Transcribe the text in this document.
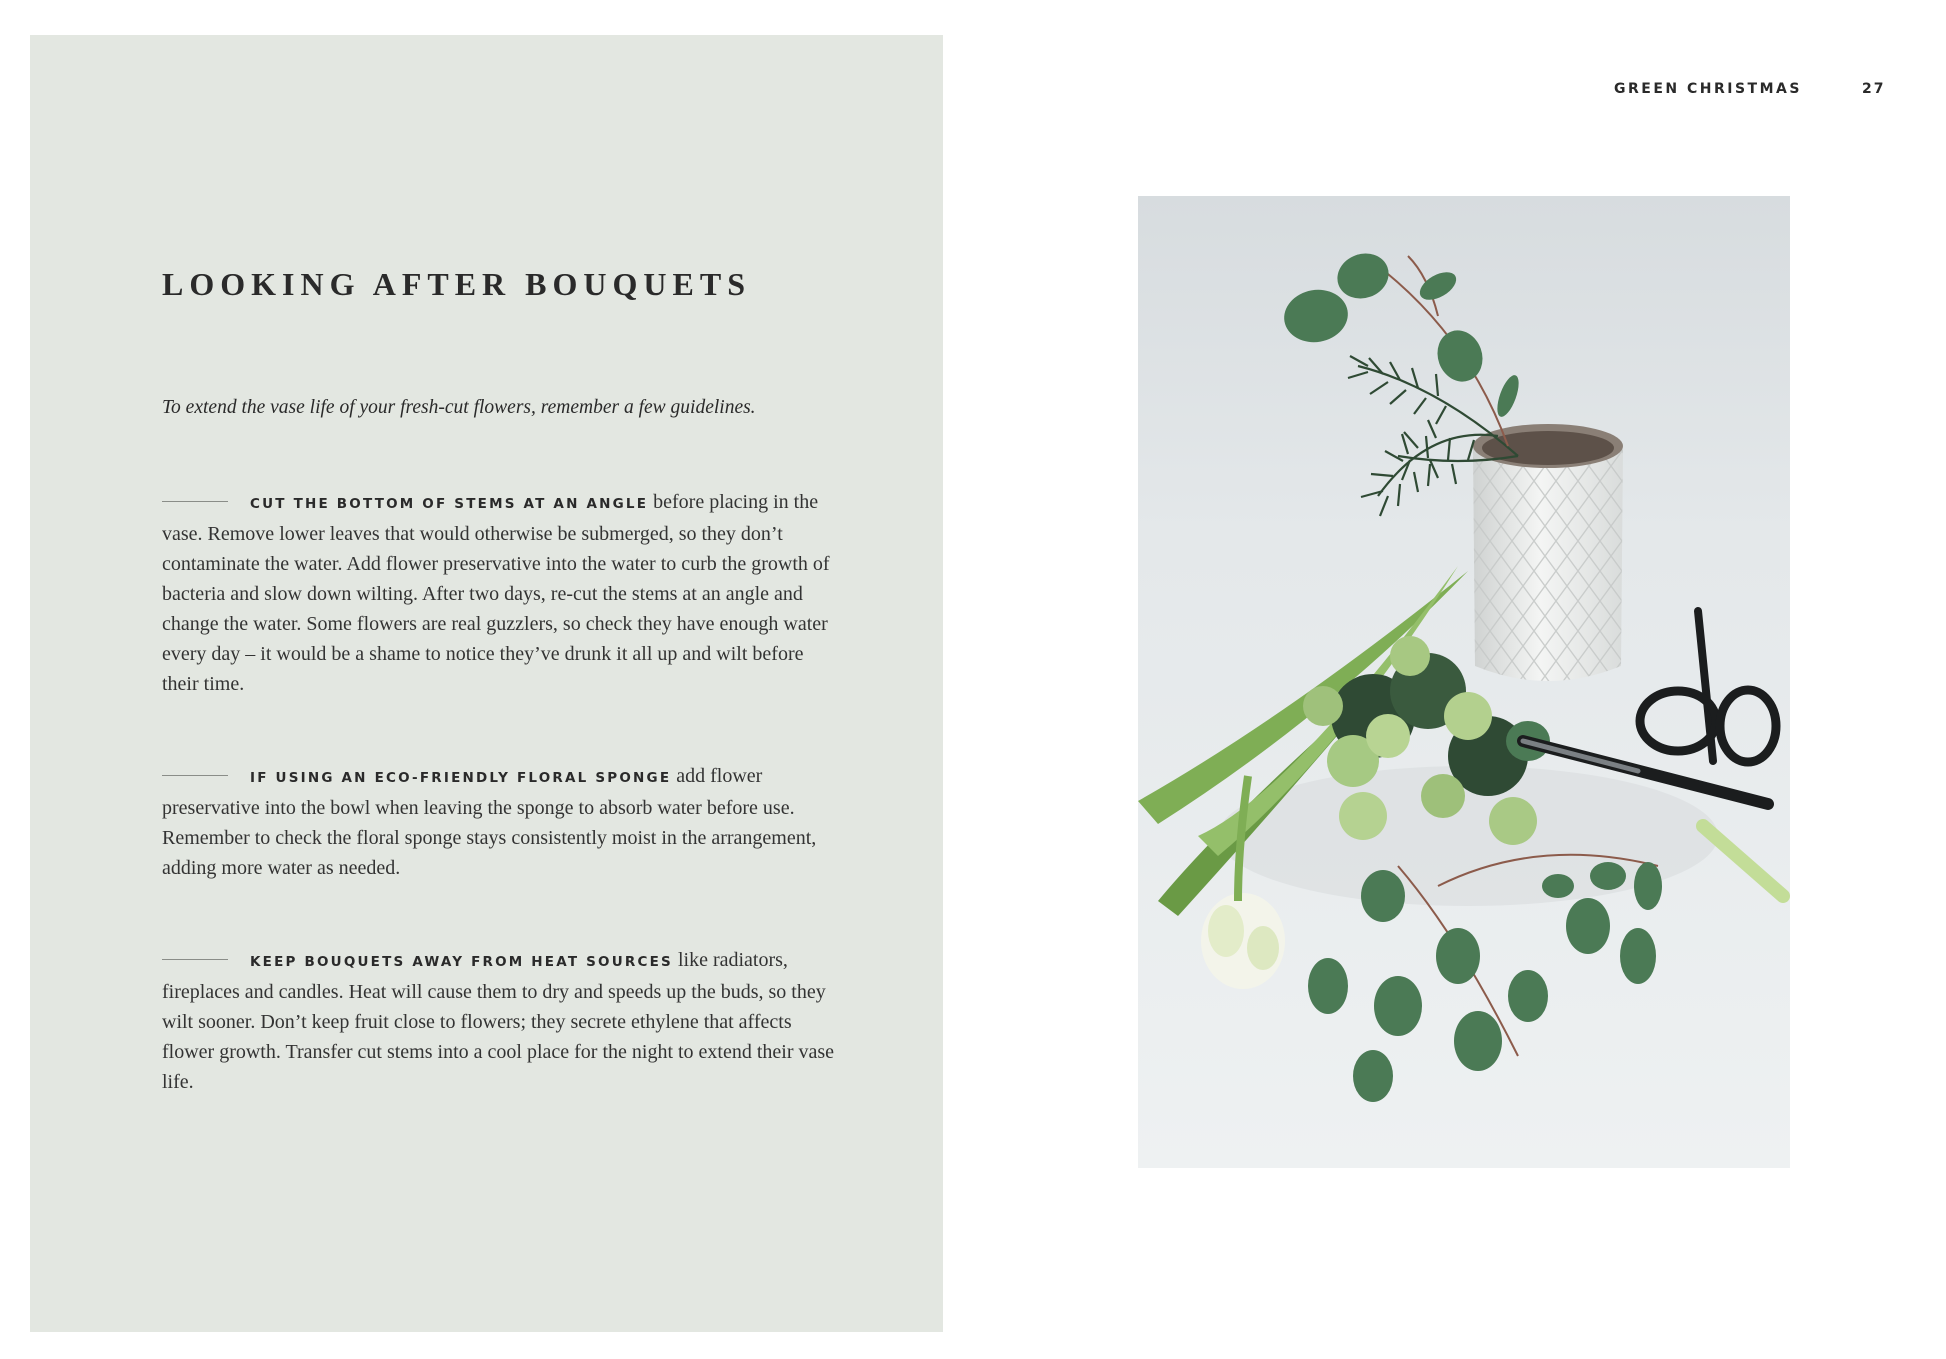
LOOKING AFTER BOUQUETS

To extend the vase life of your fresh-cut flowers, remember a few guidelines.

CUT THE BOTTOM OF STEMS AT AN ANGLE before placing in the vase. Remove lower leaves that would otherwise be submerged, so they don’t contaminate the water. Add flower preservative into the water to curb the growth of bacteria and slow down wilting. After two days, re-cut the stems at an angle and change the water. Some flowers are real guzzlers, so check they have enough water every day – it would be a shame to notice they’ve drunk it all up and wilt before their time.

IF USING AN ECO-FRIENDLY FLORAL SPONGE add flower preservative into the bowl when leaving the sponge to absorb water before use. Remember to check the floral sponge stays consistently moist in the arrangement, adding more water as needed.

KEEP BOUQUETS AWAY FROM HEAT SOURCES like radiators, fireplaces and candles. Heat will cause them to dry and speeds up the buds, so they wilt sooner. Don’t keep fruit close to flowers; they secrete ethylene that affects flower growth. Transfer cut stems into a cool place for the night to extend their vase life.

GREEN CHRISTMAS	27
